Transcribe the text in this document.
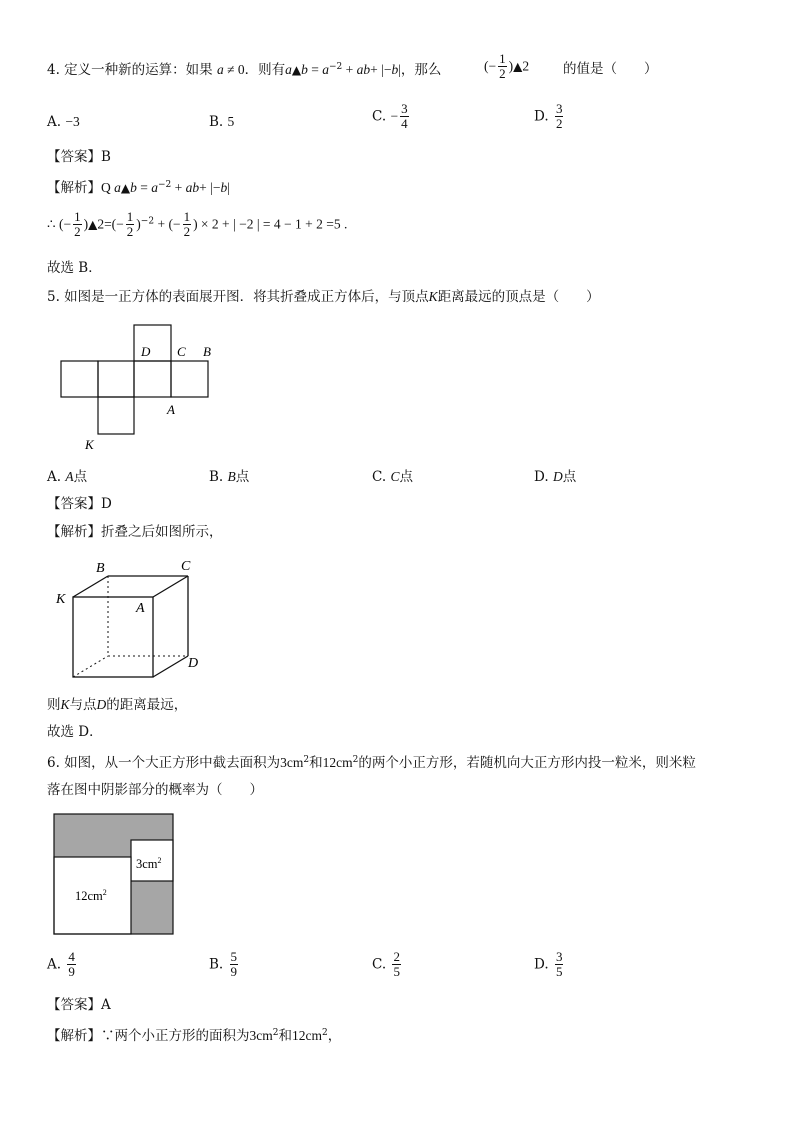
4. 定义一种新的运算：如果 a ≠ 0．则有a▲b = $a^{-2} + ab+ |-b|$，那么	(− $\frac{1}{2}$ )▲2	的值是（　　）
A. −3	B. 5	C. − $\frac{3}{4}$	D. $\frac{3}{2}$
【答案】B
【解析】Q a▲b = $a^{-2} + ab+ |-b|$
∴ (− $\frac{1}{2}$ )▲2=(− $\frac{1}{2} )^{-2}$ + (− $\frac{1}{2}$ ) × 2 + | −2 | = 4 − 1 + 2 =5 .
故选 B．
5. 如图是一正方体的表面展开图．将其折叠成正方体后，与顶点K距离最远的顶点是（　　）
D C B
A
K
A. A点	B. B点	C. C点	D. D点
【答案】D
【解析】折叠之后如图所示，
B	C
K
A
D
则K与点D的距离最远，
故选 D．
6. 如图，从一个大正方形中截去面积为$3cm^2$和$12cm^2$的两个小正方形，若随机向大正方形内投一粒米，则米粒
落在图中阴影部分的概率为（　　）
$3cm^2$
$12cm^2$
A. $\frac{4}{9}$	B. $\frac{5}{9}$	C. $\frac{2}{5}$	D. $\frac{3}{5}$
【答案】A
【解析】∵两个小正方形的面积为$3cm^2$和$12cm^2$，
